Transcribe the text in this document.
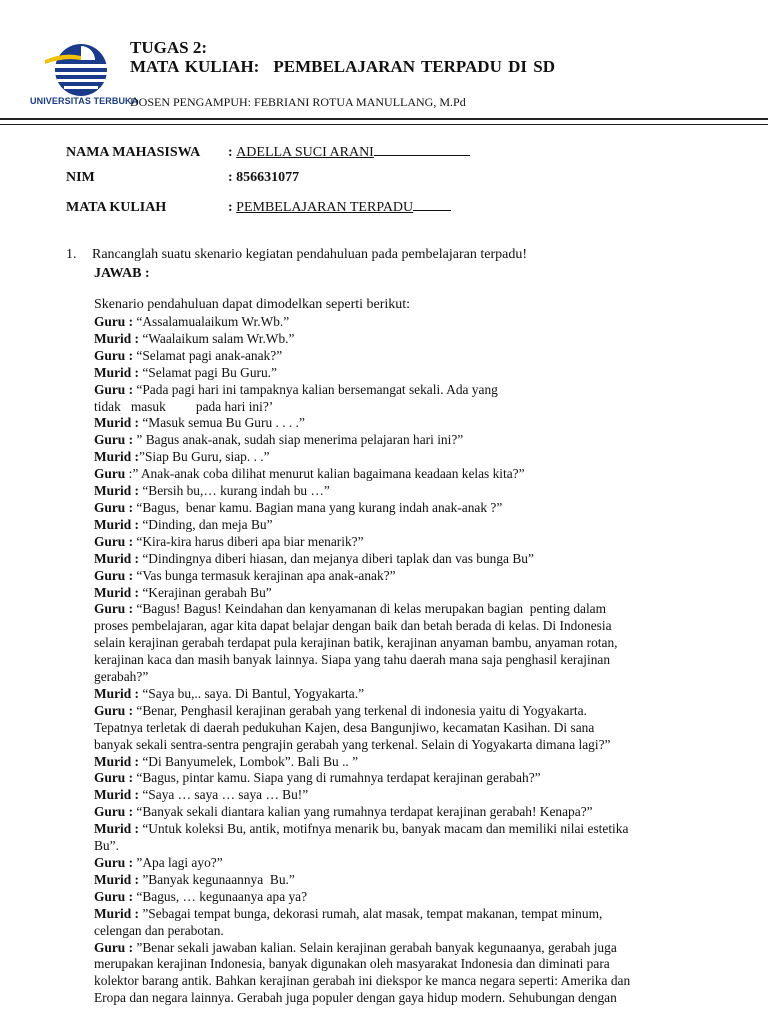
UNIVERSITAS TERBUKA
TUGAS 2:
MATA KULIAH: PEMBELAJARAN TERPADU DI SD
DOSEN PENGAMPUH: FEBRIANI ROTUA MANULLANG, M.Pd
NAMA MAHASISWA : ADELLA SUCI ARANI
NIM	: 856631077
MATA KULIAH	: PEMBELAJARAN TERPADU
1. Rancanglah suatu skenario kegiatan pendahuluan pada pembelajaran terpadu!
JAWAB :
Skenario pendahuluan dapat dimodelkan seperti berikut:
Guru : “Assalamualaikum Wr.Wb.”
Murid : “Waalaikum salam Wr.Wb.”
Guru : “Selamat pagi anak-anak?”
Murid : “Selamat pagi Bu Guru.”
Guru : “Pada pagi hari ini tampaknya kalian bersemangat sekali. Ada yang
tidak   masuk         pada hari ini?’
Murid : “Masuk semua Bu Guru . . . .”
Guru : ” Bagus anak-anak, sudah siap menerima pelajaran hari ini?”
Murid :”Siap Bu Guru, siap. . .”
Guru :” Anak-anak coba dilihat menurut kalian bagaimana keadaan kelas kita?”
Murid : “Bersih bu,… kurang indah bu …”
Guru : “Bagus,  benar kamu. Bagian mana yang kurang indah anak-anak ?”
Murid : “Dinding, dan meja Bu”
Guru : “Kira-kira harus diberi apa biar menarik?”
Murid : “Dindingnya diberi hiasan, dan mejanya diberi taplak dan vas bunga Bu”
Guru : “Vas bunga termasuk kerajinan apa anak-anak?”
Murid : “Kerajinan gerabah Bu”
Guru : “Bagus! Bagus! Keindahan dan kenyamanan di kelas merupakan bagian  penting dalam
proses pembelajaran, agar kita dapat belajar dengan baik dan betah berada di kelas. Di Indonesia
selain kerajinan gerabah terdapat pula kerajinan batik, kerajinan anyaman bambu, anyaman rotan,
kerajinan kaca dan masih banyak lainnya. Siapa yang tahu daerah mana saja penghasil kerajinan
gerabah?”
Murid : “Saya bu,.. saya. Di Bantul, Yogyakarta.”
Guru : “Benar, Penghasil kerajinan gerabah yang terkenal di indonesia yaitu di Yogyakarta.
Tepatnya terletak di daerah pedukuhan Kajen, desa Bangunjiwo, kecamatan Kasihan. Di sana
banyak sekali sentra-sentra pengrajin gerabah yang terkenal. Selain di Yogyakarta dimana lagi?”
Murid : “Di Banyumelek, Lombok”. Bali Bu .. ”
Guru : “Bagus, pintar kamu. Siapa yang di rumahnya terdapat kerajinan gerabah?”
Murid : “Saya … saya … saya … Bu!”
Guru : “Banyak sekali diantara kalian yang rumahnya terdapat kerajinan gerabah! Kenapa?”
Murid : “Untuk koleksi Bu, antik, motifnya menarik bu, banyak macam dan memiliki nilai estetika
Bu”.
Guru : ”Apa lagi ayo?”
Murid : ”Banyak kegunaannya  Bu.”
Guru : “Bagus, … kegunaanya apa ya?
Murid : ”Sebagai tempat bunga, dekorasi rumah, alat masak, tempat makanan, tempat minum,
celengan dan perabotan.
Guru : ”Benar sekali jawaban kalian. Selain kerajinan gerabah banyak kegunaanya, gerabah juga
merupakan kerajinan Indonesia, banyak digunakan oleh masyarakat Indonesia dan diminati para
kolektor barang antik. Bahkan kerajinan gerabah ini diekspor ke manca negara seperti: Amerika dan
Eropa dan negara lainnya. Gerabah juga populer dengan gaya hidup modern. Sehubungan dengan
